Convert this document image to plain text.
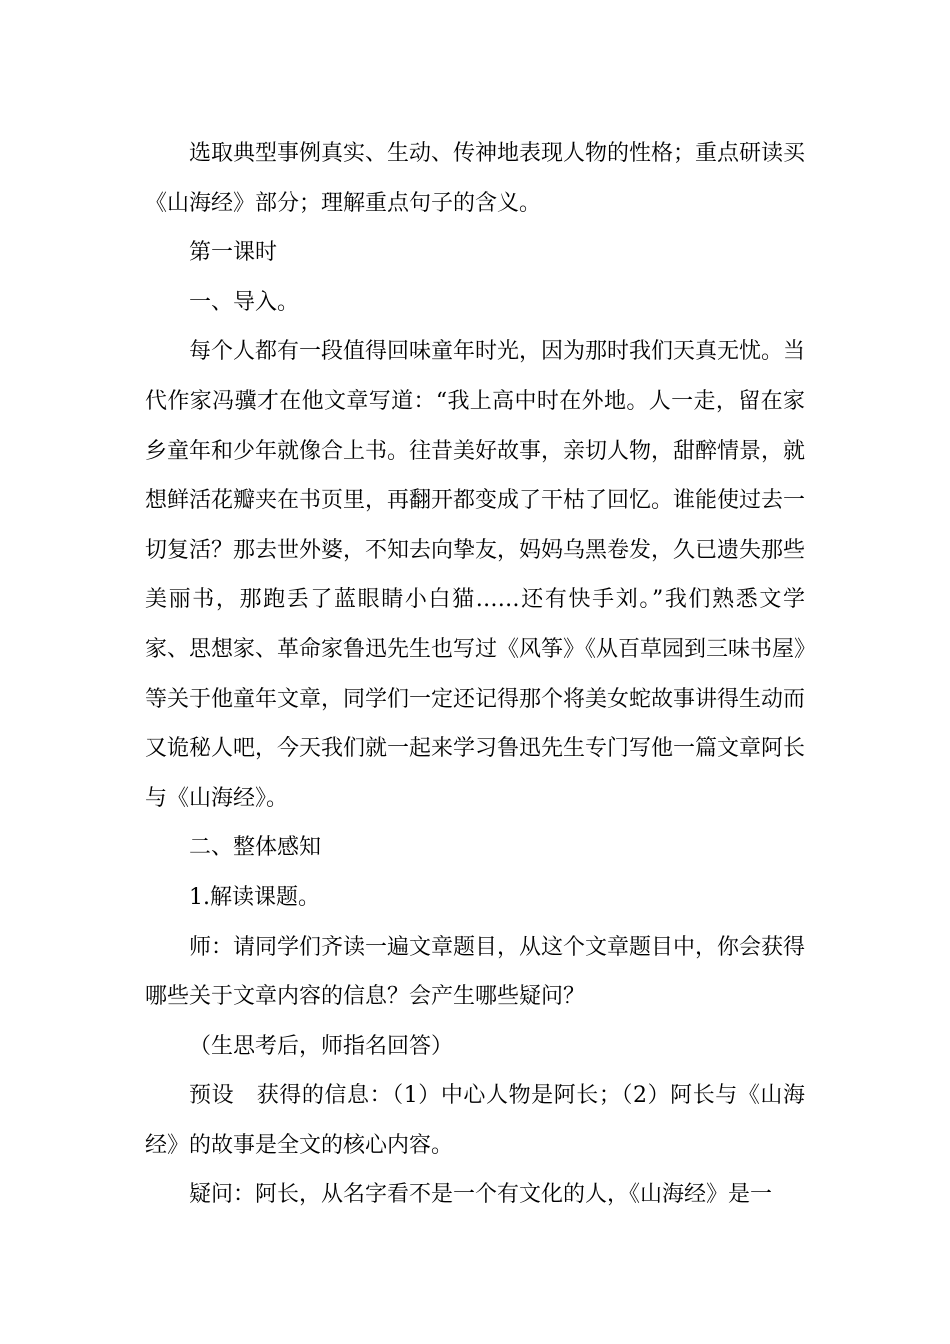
选取典型事例真实、生动、传神地表现人物的性格；重点研读买《山海经》部分；理解重点句子的含义。

第一课时

一、导入。

每个人都有一段值得回味童年时光，因为那时我们天真无忧。当代作家冯骥才在他文章写道：“我上高中时在外地。人一走，留在家乡童年和少年就像合上书。往昔美好故事，亲切人物，甜醉情景，就想鲜活花瓣夹在书页里，再翻开都变成了干枯了回忆。谁能使过去一切复活？那去世外婆，不知去向挚友，妈妈乌黑卷发，久已遗失那些美丽书，那跑丢了蓝眼睛小白猫……还有快手刘。”我们熟悉文学家、思想家、革命家鲁迅先生也写过《风筝》《从百草园到三味书屋》等关于他童年文章，同学们一定还记得那个将美女蛇故事讲得生动而又诡秘人吧，今天我们就一起来学习鲁迅先生专门写他一篇文章阿长与《山海经》。

二、整体感知

1.解读课题。

师：请同学们齐读一遍文章题目，从这个文章题目中，你会获得哪些关于文章内容的信息？会产生哪些疑问？

（生思考后，师指名回答）

预设　获得的信息：（1）中心人物是阿长；（2）阿长与《山海经》的故事是全文的核心内容。

疑问：阿长，从名字看不是一个有文化的人，《山海经》是一
